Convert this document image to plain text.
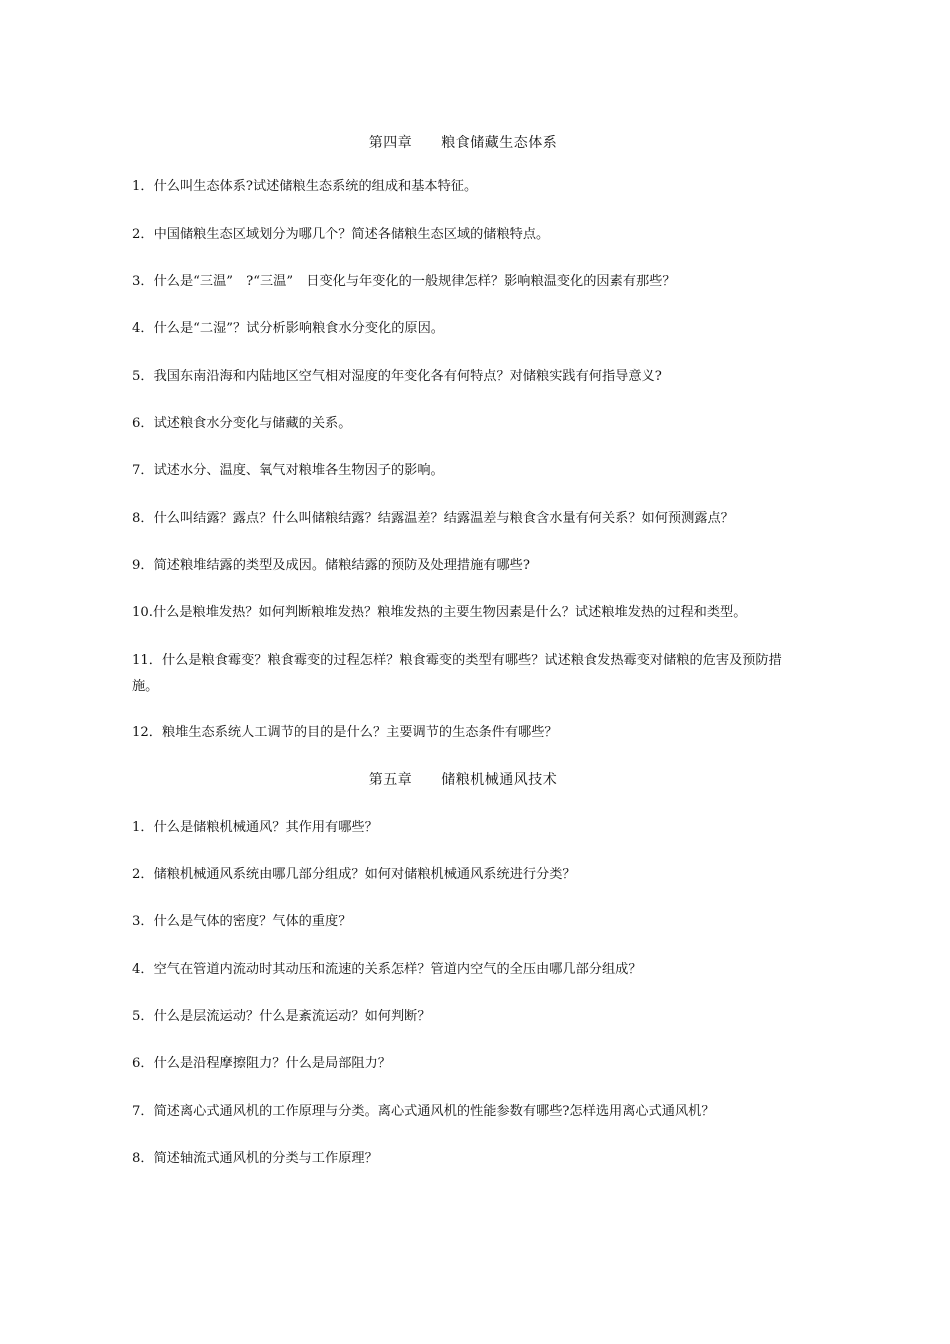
第四章　　粮食储藏生态体系
1．什么叫生态体系?试述储粮生态系统的组成和基本特征。
2．中国储粮生态区域划分为哪几个？简述各储粮生态区域的储粮特点。
3．什么是“三温”　?“三温”　日变化与年变化的一般规律怎样？影响粮温变化的因素有那些？
4．什么是“二湿”？试分析影响粮食水分变化的原因。
5．我国东南沿海和内陆地区空气相对湿度的年变化各有何特点？对储粮实践有何指导意义?
6．试述粮食水分变化与储藏的关系。
7．试述水分、温度、氧气对粮堆各生物因子的影响。
8．什么叫结露？露点？什么叫储粮结露？结露温差？结露温差与粮食含水量有何关系？如何预测露点？
9．简述粮堆结露的类型及成因。储粮结露的预防及处理措施有哪些?
10.什么是粮堆发热？如何判断粮堆发热？粮堆发热的主要生物因素是什么？试述粮堆发热的过程和类型。
11．什么是粮食霉变？粮食霉变的过程怎样？粮食霉变的类型有哪些？试述粮食发热霉变对储粮的危害及预防措施。
12．粮堆生态系统人工调节的目的是什么？主要调节的生态条件有哪些？
第五章　　储粮机械通风技术
1．什么是储粮机械通风？其作用有哪些？
2．储粮机械通风系统由哪几部分组成？如何对储粮机械通风系统进行分类？
3．什么是气体的密度？气体的重度？
4．空气在管道内流动时其动压和流速的关系怎样？管道内空气的全压由哪几部分组成？
5．什么是层流运动？什么是紊流运动？如何判断？
6．什么是沿程摩擦阻力？什么是局部阻力？
7．简述离心式通风机的工作原理与分类。离心式通风机的性能参数有哪些?怎样选用离心式通风机？
8．简述轴流式通风机的分类与工作原理？
